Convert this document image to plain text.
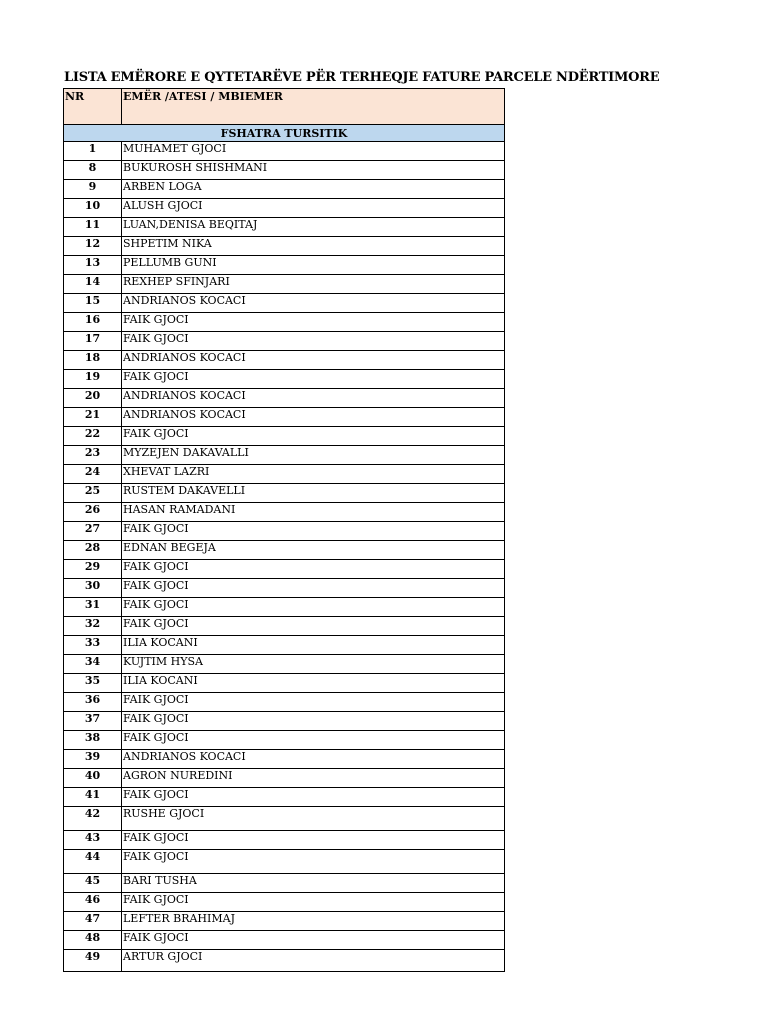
LISTA EMËRORE E QYTETARËVE PËR TERHEQJE FATURE PARCELE NDËRTIMORE
NR	EMËR /ATESI / MBIEMER
FSHATRA TURSITIK	
1	MUHAMET GJOCI
8	BUKUROSH SHISHMANI
9	ARBEN LOGA
10	ALUSH GJOCI
11	LUAN,DENISA BEQITAJ
12	SHPETIM NIKA
13	PELLUMB GUNI
14	REXHEP SFINJARI
15	ANDRIANOS KOCACI
16	FAIK GJOCI
17	FAIK GJOCI
18	ANDRIANOS KOCACI
19	FAIK GJOCI
20	ANDRIANOS KOCACI
21	ANDRIANOS KOCACI
22	FAIK GJOCI
23	MYZEJEN DAKAVALLI
24	XHEVAT LAZRI
25	RUSTEM DAKAVELLI
26	HASAN RAMADANI
27	FAIK GJOCI
28	EDNAN BEGEJA
29	FAIK GJOCI
30	FAIK GJOCI
31	FAIK GJOCI
32	FAIK GJOCI
33	ILIA KOCANI
34	KUJTIM HYSA
35	ILIA KOCANI
36	FAIK GJOCI
37	FAIK GJOCI
38	FAIK GJOCI
39	ANDRIANOS KOCACI
40	AGRON NUREDINI
41	FAIK GJOCI
42	RUSHE GJOCI
43	FAIK GJOCI
44	FAIK GJOCI
45	BARI TUSHA
46	FAIK GJOCI
47	LEFTER BRAHIMAJ
48	FAIK GJOCI
49	ARTUR GJOCI
